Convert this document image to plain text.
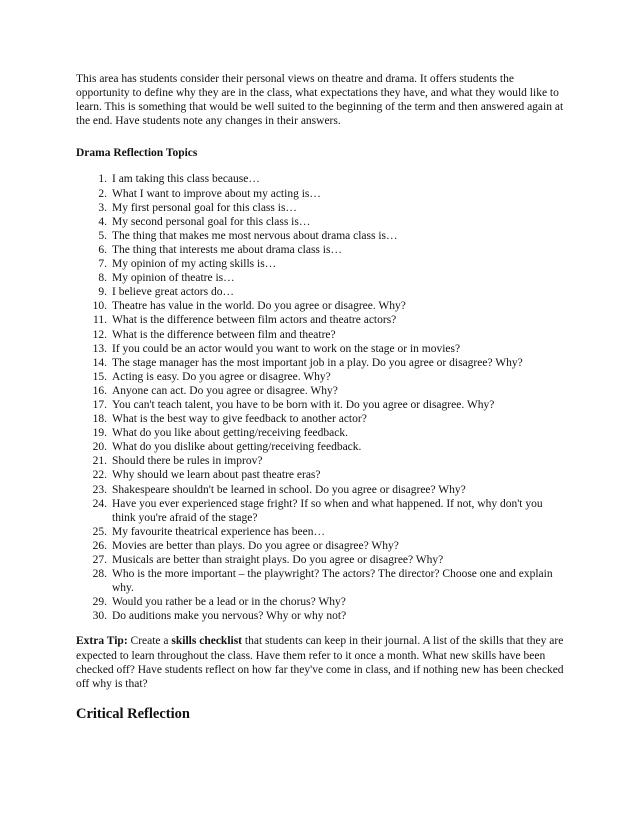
This area has students consider their personal views on theatre and drama. It offers students the opportunity to define why they are in the class, what expectations they have, and what they would like to learn. This is something that would be well suited to the beginning of the term and then answered again at the end. Have students note any changes in their answers.

Drama Reflection Topics
1. I am taking this class because…
2. What I want to improve about my acting is…
3. My first personal goal for this class is…
4. My second personal goal for this class is…
5. The thing that makes me most nervous about drama class is…
6. The thing that interests me about drama class is…
7. My opinion of my acting skills is…
8. My opinion of theatre is…
9. I believe great actors do…
10. Theatre has value in the world. Do you agree or disagree. Why?
11. What is the difference between film actors and theatre actors?
12. What is the difference between film and theatre?
13. If you could be an actor would you want to work on the stage or in movies?
14. The stage manager has the most important job in a play. Do you agree or disagree? Why?
15. Acting is easy. Do you agree or disagree. Why?
16. Anyone can act. Do you agree or disagree. Why?
17. You can't teach talent, you have to be born with it. Do you agree or disagree. Why?
18. What is the best way to give feedback to another actor?
19. What do you like about getting/receiving feedback.
20. What do you dislike about getting/receiving feedback.
21. Should there be rules in improv?
22. Why should we learn about past theatre eras?
23. Shakespeare shouldn't be learned in school. Do you agree or disagree? Why?
24. Have you ever experienced stage fright? If so when and what happened. If not, why don't you think you're afraid of the stage?
25. My favourite theatrical experience has been…
26. Movies are better than plays. Do you agree or disagree? Why?
27. Musicals are better than straight plays. Do you agree or disagree? Why?
28. Who is the more important – the playwright? The actors? The director? Choose one and explain why.
29. Would you rather be a lead or in the chorus? Why?
30. Do auditions make you nervous? Why or why not?

Extra Tip: Create a skills checklist that students can keep in their journal. A list of the skills that they are expected to learn throughout the class. Have them refer to it once a month. What new skills have been checked off? Have students reflect on how far they've come in class, and if nothing new has been checked off why is that?

Critical Reflection
